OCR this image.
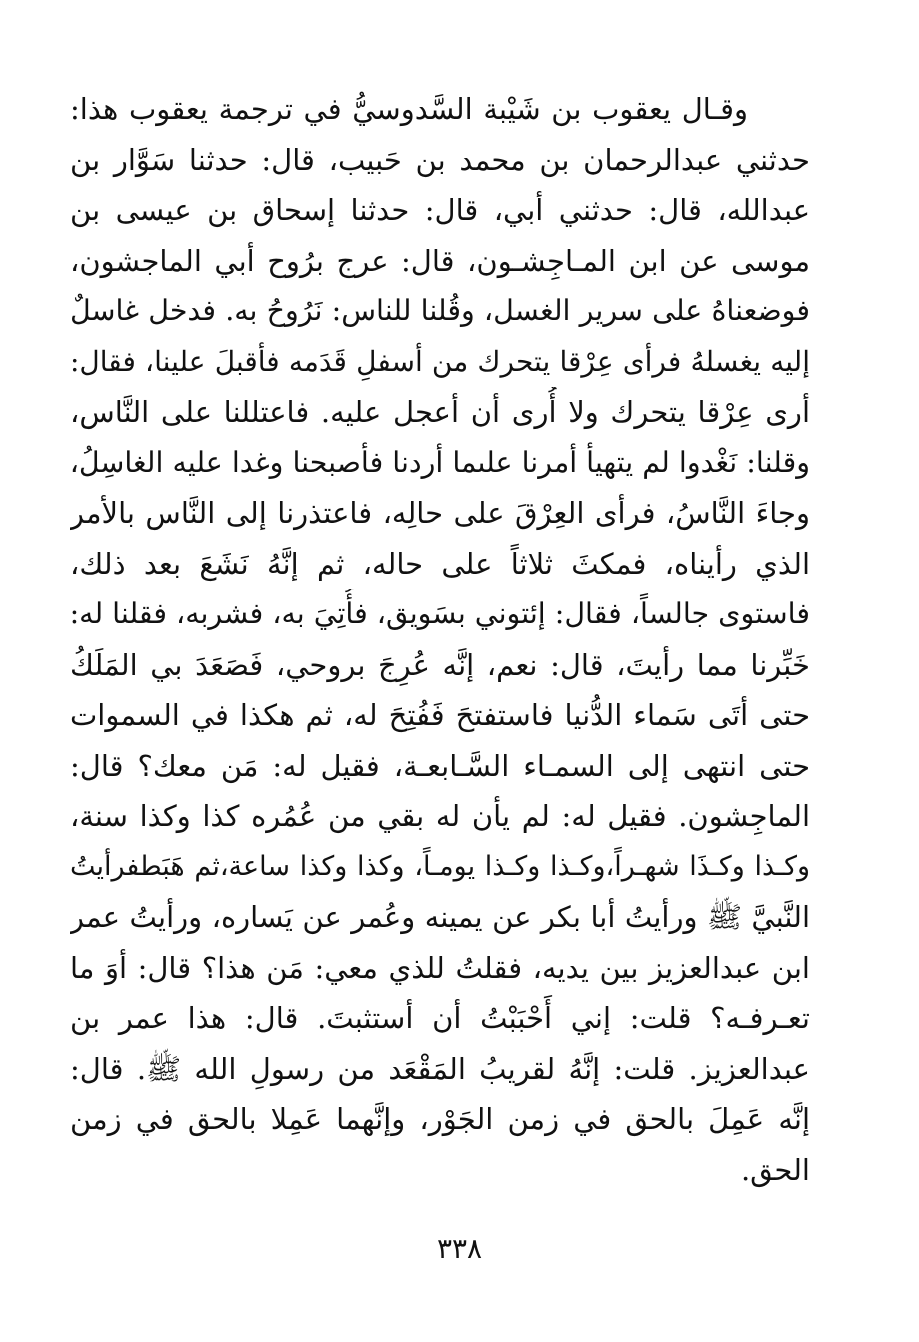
وقـال يعقوب بن شَيْبة السَّدوسيُّ في ترجمة يعقوب هذا:
حدثني عبدالرحمان بن محمد بن حَبيب، قال: حدثنا سَوَّار بن
عبدالله، قال: حدثني أبي، قال: حدثنا إسحاق بن عيسى بن
موسى عن ابن المـاجِشـون، قال: عرج برُوح أبي الماجشون،
فوضعناهُ على سرير الغسل، وقُلنا للناس: نَرُوحُ به. فدخل غاسلٌ
إليه يغسلهُ فرأى عِرْقا يتحرك من أسفلِ قَدَمه فأقبلَ علينا، فقال:
أرى عِرْقا يتحرك ولا أُرى أن أعجل عليه. فاعتللنا على النَّاس،
وقلنا: نَغْدوا لم يتهيأ أمرنا علىما أردنا فأصبحنا وغدا عليه الغاسِلُ،
وجاءَ النَّاسُ، فرأى العِرْقَ على حالِه، فاعتذرنا إلى النَّاس بالأمر
الذي رأيناه، فمكثَ ثلاثاً على حاله، ثم إنَّهُ نَشَعَ بعد ذلك،
فاستوى جالساً، فقال: إئتوني بسَويق، فأُتِيَ به، فشربه، فقلنا له:
خَبِّرنا مما رأيتَ، قال: نعم، إنَّه عُرِجَ بروحي، فَصَعَدَ بي المَلَكُ
حتى أتَى سَماء الدُّنيا فاستفتحَ فَفُتِحَ له، ثم هكذا في السموات
حتى انتهى إلى السمـاء السَّـابعـة، فقيل له: مَن معك؟ قال:
الماجِشون. فقيل له: لم يأن له بقي من عُمُره كذا وكذا سنة،
وكـذا وكـذَا شهـراً،وكـذا وكـذا يومـاً، وكذا وكذا ساعة،ثم هَبَطفرأيتُ
النَّبيَّ ﷺ ورأيتُ أبا بكر عن يمينه وعُمر عن يَساره، ورأيتُ عمر
ابن عبدالعزيز بين يديه، فقلتُ للذي معي: مَن هذا؟ قال: أوَ ما
تعـرفـه؟ قلت: إني أَحْبَبْتُ أن أستثبتَ. قال: هذا عمر بن
عبدالعزيز. قلت: إنَّهُ لقريبُ المَقْعَد من رسولِ الله ﷺ. قال:
إنَّه عَمِلَ بالحق في زمن الجَوْر، وإنَّهما عَمِلا بالحق في زمن
الحق.
٣٣٨
